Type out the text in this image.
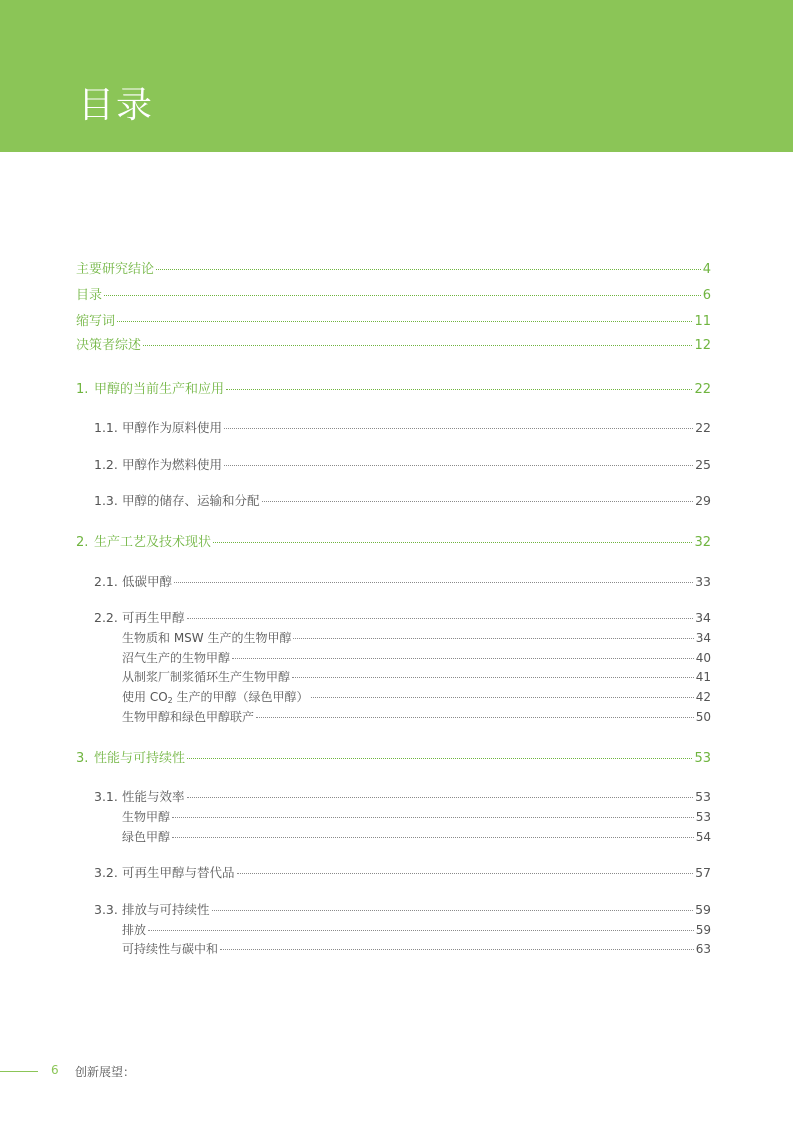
目录
主要研究结论	4
目录	6
缩写词	11
决策者综述	12
1. 甲醇的当前生产和应用	22
1.1. 甲醇作为原料使用	22
1.2. 甲醇作为燃料使用	25
1.3. 甲醇的储存、运输和分配	29
2. 生产工艺及技术现状	32
2.1. 低碳甲醇	33
2.2. 可再生甲醇	34
生物质和 MSW 生产的生物甲醇	34
沼气生产的生物甲醇	40
从制浆厂制浆循环生产生物甲醇	41
使用 $CO_2$ 生产的甲醇（绿色甲醇）	42
生物甲醇和绿色甲醇联产	50
3. 性能与可持续性	53
3.1. 性能与效率	53
生物甲醇	53
绿色甲醇	54
3.2. 可再生甲醇与替代品	57
3.3. 排放与可持续性	59
排放	59
可持续性与碳中和	63
6 创新展望：
